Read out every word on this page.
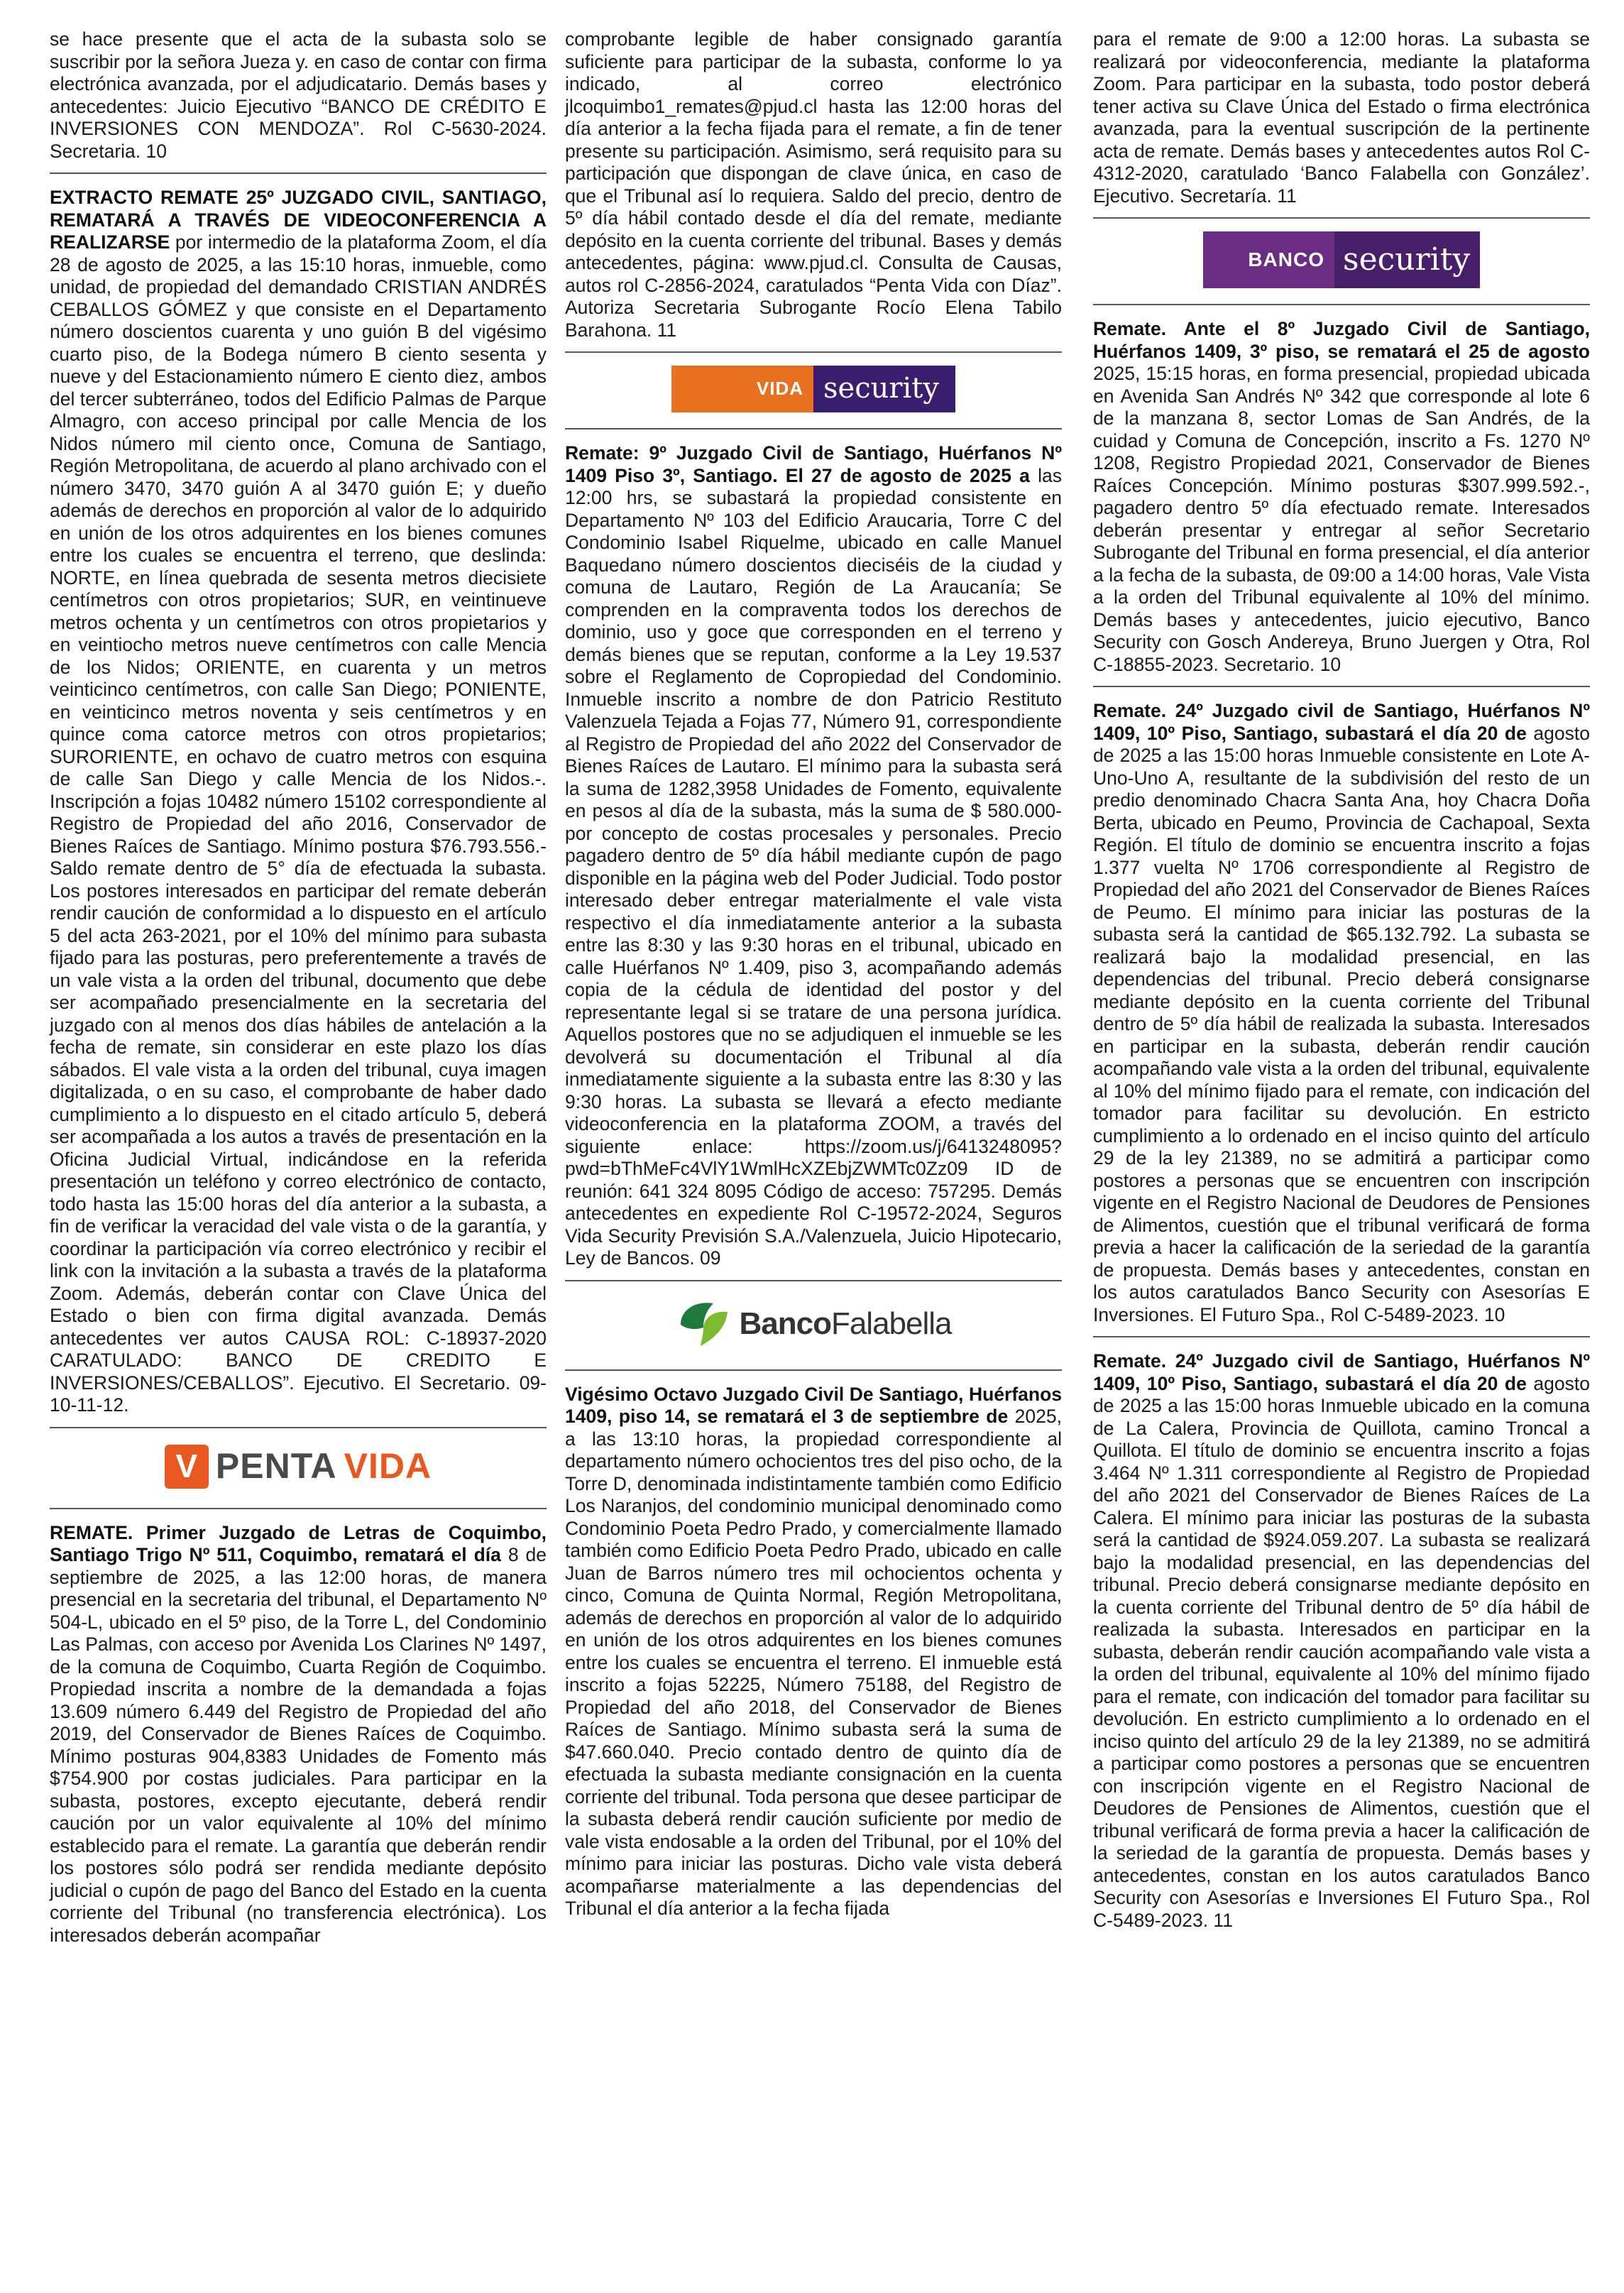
se hace presente que el acta de la subasta solo se suscribir por la señora Jueza y. en caso de contar con firma electrónica avanzada, por el adjudicatario. Demás bases y antecedentes: Juicio Ejecutivo “BANCO DE CRÉDITO E INVERSIONES CON MENDOZA”. Rol C-5630-2024. Secretaria. 10

EXTRACTO REMATE 25º JUZGADO CIVIL, SANTIAGO, REMATARÁ A TRAVÉS DE VIDEOCONFERENCIA A REALIZARSE por intermedio de la plataforma Zoom, el día 28 de agosto de 2025, a las 15:10 horas, inmueble, como unidad, de propiedad del demandado CRISTIAN ANDRÉS CEBALLOS GÓMEZ y que consiste en el Departamento número doscientos cuarenta y uno guión B del vigésimo cuarto piso, de la Bodega número B ciento sesenta y nueve y del Estacionamiento número E ciento diez, ambos del tercer subterráneo, todos del Edificio Palmas de Parque Almagro, con acceso principal por calle Mencia de los Nidos número mil ciento once, Comuna de Santiago, Región Metropolitana, de acuerdo al plano archivado con el número 3470, 3470 guión A al 3470 guión E; y dueño además de derechos en proporción al valor de lo adquirido en unión de los otros adquirentes en los bienes comunes entre los cuales se encuentra el terreno, que deslinda: NORTE, en línea quebrada de sesenta metros diecisiete centímetros con otros propietarios; SUR, en veintinueve metros ochenta y un centímetros con otros propietarios y en veintiocho metros nueve centímetros con calle Mencia de los Nidos; ORIENTE, en cuarenta y un metros veinticinco centímetros, con calle San Diego; PONIENTE, en veinticinco metros noventa y seis centímetros y en quince coma catorce metros con otros propietarios; SURORIENTE, en ochavo de cuatro metros con esquina de calle San Diego y calle Mencia de los Nidos.-. Inscripción a fojas 10482 número 15102 correspondiente al Registro de Propiedad del año 2016, Conservador de Bienes Raíces de Santiago. Mínimo postura $76.793.556.- Saldo remate dentro de 5° día de efectuada la subasta. Los postores interesados en participar del remate deberán rendir caución de conformidad a lo dispuesto en el artículo 5 del acta 263-2021, por el 10% del mínimo para subasta fijado para las posturas, pero preferentemente a través de un vale vista a la orden del tribunal, documento que debe ser acompañado presencialmente en la secretaria del juzgado con al menos dos días hábiles de antelación a la fecha de remate, sin considerar en este plazo los días sábados. El vale vista a la orden del tribunal, cuya imagen digitalizada, o en su caso, el comprobante de haber dado cumplimiento a lo dispuesto en el citado artículo 5, deberá ser acompañada a los autos a través de presentación en la Oficina Judicial Virtual, indicándose en la referida presentación un teléfono y correo electrónico de contacto, todo hasta las 15:00 horas del día anterior a la subasta, a fin de verificar la veracidad del vale vista o de la garantía, y coordinar la participación vía correo electrónico y recibir el link con la invitación a la subasta a través de la plataforma Zoom. Además, deberán contar con Clave Única del Estado o bien con firma digital avanzada. Demás antecedentes ver autos CAUSA ROL: C-18937-2020 CARATULADO: BANCO DE CREDITO E INVERSIONES/CEBALLOS”. Ejecutivo. El Secretario. 09-10-11-12.

V PENTA VIDA

REMATE. Primer Juzgado de Letras de Coquimbo, Santiago Trigo Nº 511, Coquimbo, rematará el día 8 de septiembre de 2025, a las 12:00 horas, de manera presencial en la secretaria del tribunal, el Departamento Nº 504-L, ubicado en el 5º piso, de la Torre L, del Condominio Las Palmas, con acceso por Avenida Los Clarines Nº 1497, de la comuna de Coquimbo, Cuarta Región de Coquimbo. Propiedad inscrita a nombre de la demandada a fojas 13.609 número 6.449 del Registro de Propiedad del año 2019, del Conservador de Bienes Raíces de Coquimbo. Mínimo posturas 904,8383 Unidades de Fomento más $754.900 por costas judiciales. Para participar en la subasta, postores, excepto ejecutante, deberá rendir caución por un valor equivalente al 10% del mínimo establecido para el remate. La garantía que deberán rendir los postores sólo podrá ser rendida mediante depósito judicial o cupón de pago del Banco del Estado en la cuenta corriente del Tribunal (no transferencia electrónica). Los interesados deberán acompañar

comprobante legible de haber consignado garantía suficiente para participar de la subasta, conforme lo ya indicado, al correo electrónico jlcoquimbo1_remates@pjud.cl hasta las 12:00 horas del día anterior a la fecha fijada para el remate, a fin de tener presente su participación. Asimismo, será requisito para su participación que dispongan de clave única, en caso de que el Tribunal así lo requiera. Saldo del precio, dentro de 5º día hábil contado desde el día del remate, mediante depósito en la cuenta corriente del tribunal. Bases y demás antecedentes, página: www.pjud.cl. Consulta de Causas, autos rol C-2856-2024, caratulados “Penta Vida con Díaz”. Autoriza Secretaria Subrogante Rocío Elena Tabilo Barahona. 11

VIDA security

Remate: 9º Juzgado Civil de Santiago, Huérfanos Nº 1409 Piso 3º, Santiago. El 27 de agosto de 2025 a las 12:00 hrs, se subastará la propiedad consistente en Departamento Nº 103 del Edificio Araucaria, Torre C del Condominio Isabel Riquelme, ubicado en calle Manuel Baquedano número doscientos dieciséis de la ciudad y comuna de Lautaro, Región de La Araucanía; Se comprenden en la compraventa todos los derechos de dominio, uso y goce que corresponden en el terreno y demás bienes que se reputan, conforme a la Ley 19.537 sobre el Reglamento de Copropiedad del Condominio. Inmueble inscrito a nombre de don Patricio Restituto Valenzuela Tejada a Fojas 77, Número 91, correspondiente al Registro de Propiedad del año 2022 del Conservador de Bienes Raíces de Lautaro. El mínimo para la subasta será la suma de 1282,3958 Unidades de Fomento, equivalente en pesos al día de la subasta, más la suma de $ 580.000- por concepto de costas procesales y personales. Precio pagadero dentro de 5º día hábil mediante cupón de pago disponible en la página web del Poder Judicial. Todo postor interesado deber entregar materialmente el vale vista respectivo el día inmediatamente anterior a la subasta entre las 8:30 y las 9:30 horas en el tribunal, ubicado en calle Huérfanos Nº 1.409, piso 3, acompañando además copia de la cédula de identidad del postor y del representante legal si se tratare de una persona jurídica. Aquellos postores que no se adjudiquen el inmueble se les devolverá su documentación el Tribunal al día inmediatamente siguiente a la subasta entre las 8:30 y las 9:30 horas. La subasta se llevará a efecto mediante videoconferencia en la plataforma ZOOM, a través del siguiente enlace: https://zoom.us/j/6413248095?pwd=bThMeFc4VlY1WmlHcXZEbjZWMTc0Zz09 ID de reunión: 641 324 8095 Código de acceso: 757295. Demás antecedentes en expediente Rol C-19572-2024, Seguros Vida Security Previsión S.A./Valenzuela, Juicio Hipotecario, Ley de Bancos. 09

BancoFalabella

Vigésimo Octavo Juzgado Civil De Santiago, Huérfanos 1409, piso 14, se rematará el 3 de septiembre de 2025, a las 13:10 horas, la propiedad correspondiente al departamento número ochocientos tres del piso ocho, de la Torre D, denominada indistintamente también como Edificio Los Naranjos, del condominio municipal denominado como Condominio Poeta Pedro Prado, y comercialmente llamado también como Edificio Poeta Pedro Prado, ubicado en calle Juan de Barros número tres mil ochocientos ochenta y cinco, Comuna de Quinta Normal, Región Metropolitana, además de derechos en proporción al valor de lo adquirido en unión de los otros adquirentes en los bienes comunes entre los cuales se encuentra el terreno. El inmueble está inscrito a fojas 52225, Número 75188, del Registro de Propiedad del año 2018, del Conservador de Bienes Raíces de Santiago. Mínimo subasta será la suma de $47.660.040. Precio contado dentro de quinto día de efectuada la subasta mediante consignación en la cuenta corriente del tribunal. Toda persona que desee participar de la subasta deberá rendir caución suficiente por medio de vale vista endosable a la orden del Tribunal, por el 10% del mínimo para iniciar las posturas. Dicho vale vista deberá acompañarse materialmente a las dependencias del Tribunal el día anterior a la fecha fijada

para el remate de 9:00 a 12:00 horas. La subasta se realizará por videoconferencia, mediante la plataforma Zoom. Para participar en la subasta, todo postor deberá tener activa su Clave Única del Estado o firma electrónica avanzada, para la eventual suscripción de la pertinente acta de remate. Demás bases y antecedentes autos Rol C-4312-2020, caratulado ‘Banco Falabella con González’. Ejecutivo. Secretaría. 11

BANCO security

Remate. Ante el 8º Juzgado Civil de Santiago, Huérfanos 1409, 3º piso, se rematará el 25 de agosto 2025, 15:15 horas, en forma presencial, propiedad ubicada en Avenida San Andrés Nº 342 que corresponde al lote 6 de la manzana 8, sector Lomas de San Andrés, de la cuidad y Comuna de Concepción, inscrito a Fs. 1270 Nº 1208, Registro Propiedad 2021, Conservador de Bienes Raíces Concepción. Mínimo posturas $307.999.592.-, pagadero dentro 5º día efectuado remate. Interesados deberán presentar y entregar al señor Secretario Subrogante del Tribunal en forma presencial, el día anterior a la fecha de la subasta, de 09:00 a 14:00 horas, Vale Vista a la orden del Tribunal equivalente al 10% del mínimo. Demás bases y antecedentes, juicio ejecutivo, Banco Security con Gosch Andereya, Bruno Juergen y Otra, Rol C-18855-2023. Secretario. 10

Remate. 24º Juzgado civil de Santiago, Huérfanos Nº 1409, 10º Piso, Santiago, subastará el día 20 de agosto de 2025 a las 15:00 horas Inmueble consistente en Lote A-Uno-Uno A, resultante de la subdivisión del resto de un predio denominado Chacra Santa Ana, hoy Chacra Doña Berta, ubicado en Peumo, Provincia de Cachapoal, Sexta Región. El título de dominio se encuentra inscrito a fojas 1.377 vuelta Nº 1706 correspondiente al Registro de Propiedad del año 2021 del Conservador de Bienes Raíces de Peumo. El mínimo para iniciar las posturas de la subasta será la cantidad de $65.132.792. La subasta se realizará bajo la modalidad presencial, en las dependencias del tribunal. Precio deberá consignarse mediante depósito en la cuenta corriente del Tribunal dentro de 5º día hábil de realizada la subasta. Interesados en participar en la subasta, deberán rendir caución acompañando vale vista a la orden del tribunal, equivalente al 10% del mínimo fijado para el remate, con indicación del tomador para facilitar su devolución. En estricto cumplimiento a lo ordenado en el inciso quinto del artículo 29 de la ley 21389, no se admitirá a participar como postores a personas que se encuentren con inscripción vigente en el Registro Nacional de Deudores de Pensiones de Alimentos, cuestión que el tribunal verificará de forma previa a hacer la calificación de la seriedad de la garantía de propuesta. Demás bases y antecedentes, constan en los autos caratulados Banco Security con Asesorías E Inversiones. El Futuro Spa., Rol C-5489-2023. 10

Remate. 24º Juzgado civil de Santiago, Huérfanos Nº 1409, 10º Piso, Santiago, subastará el día 20 de agosto de 2025 a las 15:00 horas Inmueble ubicado en la comuna de La Calera, Provincia de Quillota, camino Troncal a Quillota. El título de dominio se encuentra inscrito a fojas 3.464 Nº 1.311 correspondiente al Registro de Propiedad del año 2021 del Conservador de Bienes Raíces de La Calera. El mínimo para iniciar las posturas de la subasta será la cantidad de $924.059.207. La subasta se realizará bajo la modalidad presencial, en las dependencias del tribunal. Precio deberá consignarse mediante depósito en la cuenta corriente del Tribunal dentro de 5º día hábil de realizada la subasta. Interesados en participar en la subasta, deberán rendir caución acompañando vale vista a la orden del tribunal, equivalente al 10% del mínimo fijado para el remate, con indicación del tomador para facilitar su devolución. En estricto cumplimiento a lo ordenado en el inciso quinto del artículo 29 de la ley 21389, no se admitirá a participar como postores a personas que se encuentren con inscripción vigente en el Registro Nacional de Deudores de Pensiones de Alimentos, cuestión que el tribunal verificará de forma previa a hacer la calificación de la seriedad de la garantía de propuesta. Demás bases y antecedentes, constan en los autos caratulados Banco Security con Asesorías e Inversiones El Futuro Spa., Rol C-5489-2023. 11
